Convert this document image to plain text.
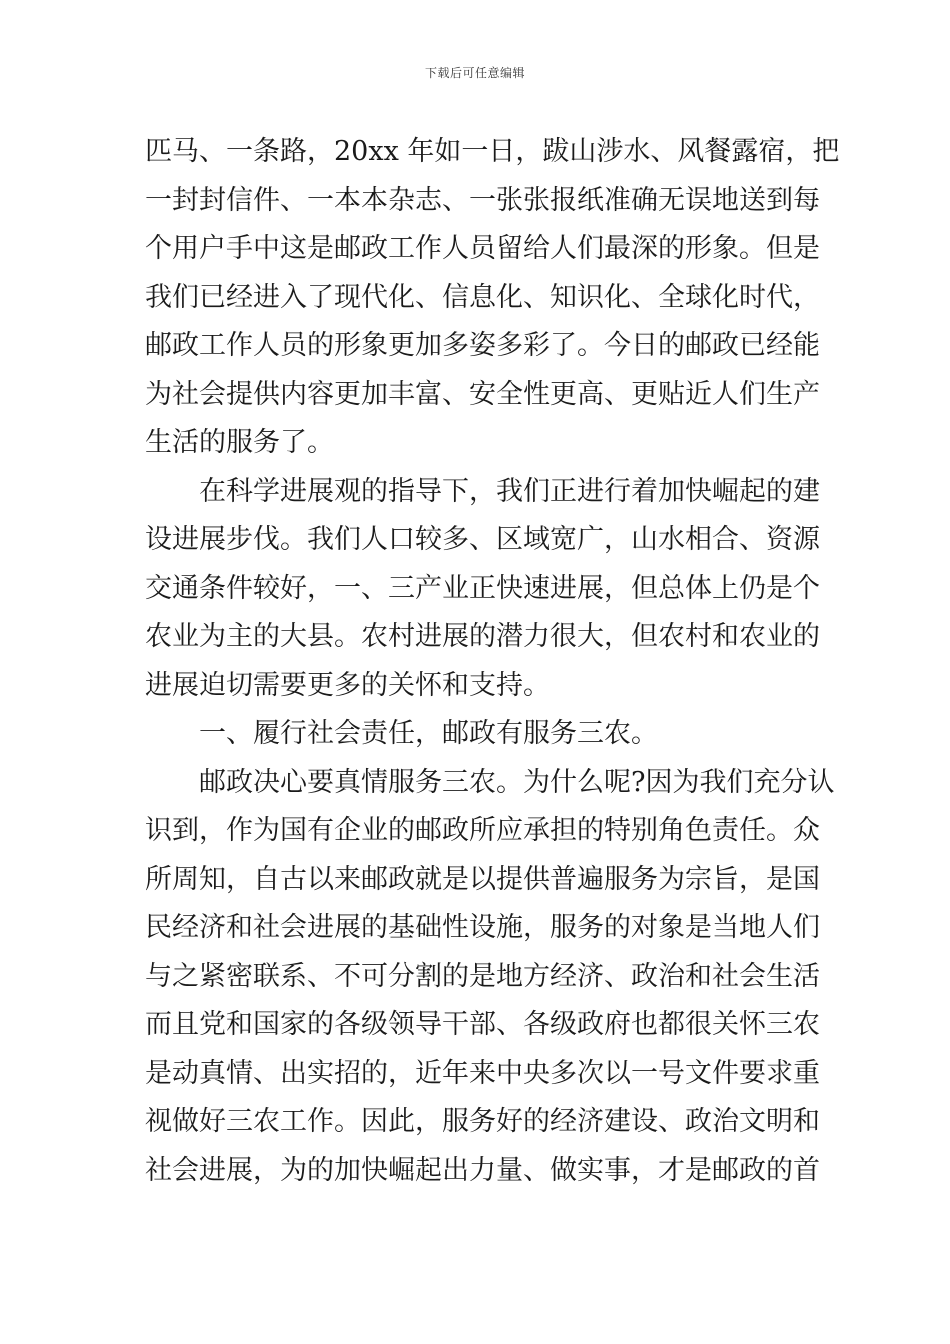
下载后可任意编辑
匹马、一条路，20xx 年如一日，跋山涉水、风餐露宿，把
一封封信件、一本本杂志、一张张报纸准确无误地送到每
个用户手中这是邮政工作人员留给人们最深的形象。但是
我们已经进入了现代化、信息化、知识化、全球化时代，
邮政工作人员的形象更加多姿多彩了。今日的邮政已经能
为社会提供内容更加丰富、安全性更高、更贴近人们生产
生活的服务了。
在科学进展观的指导下，我们正进行着加快崛起的建
设进展步伐。我们人口较多、区域宽广，山水相合、资源
交通条件较好，一、三产业正快速进展，但总体上仍是个
农业为主的大县。农村进展的潜力很大，但农村和农业的
进展迫切需要更多的关怀和支持。
一、履行社会责任，邮政有服务三农。
邮政决心要真情服务三农。为什么呢?因为我们充分认
识到，作为国有企业的邮政所应承担的特别角色责任。众
所周知，自古以来邮政就是以提供普遍服务为宗旨，是国
民经济和社会进展的基础性设施，服务的对象是当地人们
与之紧密联系、不可分割的是地方经济、政治和社会生活
而且党和国家的各级领导干部、各级政府也都很关怀三农
是动真情、出实招的，近年来中央多次以一号文件要求重
视做好三农工作。因此，服务好的经济建设、政治文明和
社会进展，为的加快崛起出力量、做实事，才是邮政的首
